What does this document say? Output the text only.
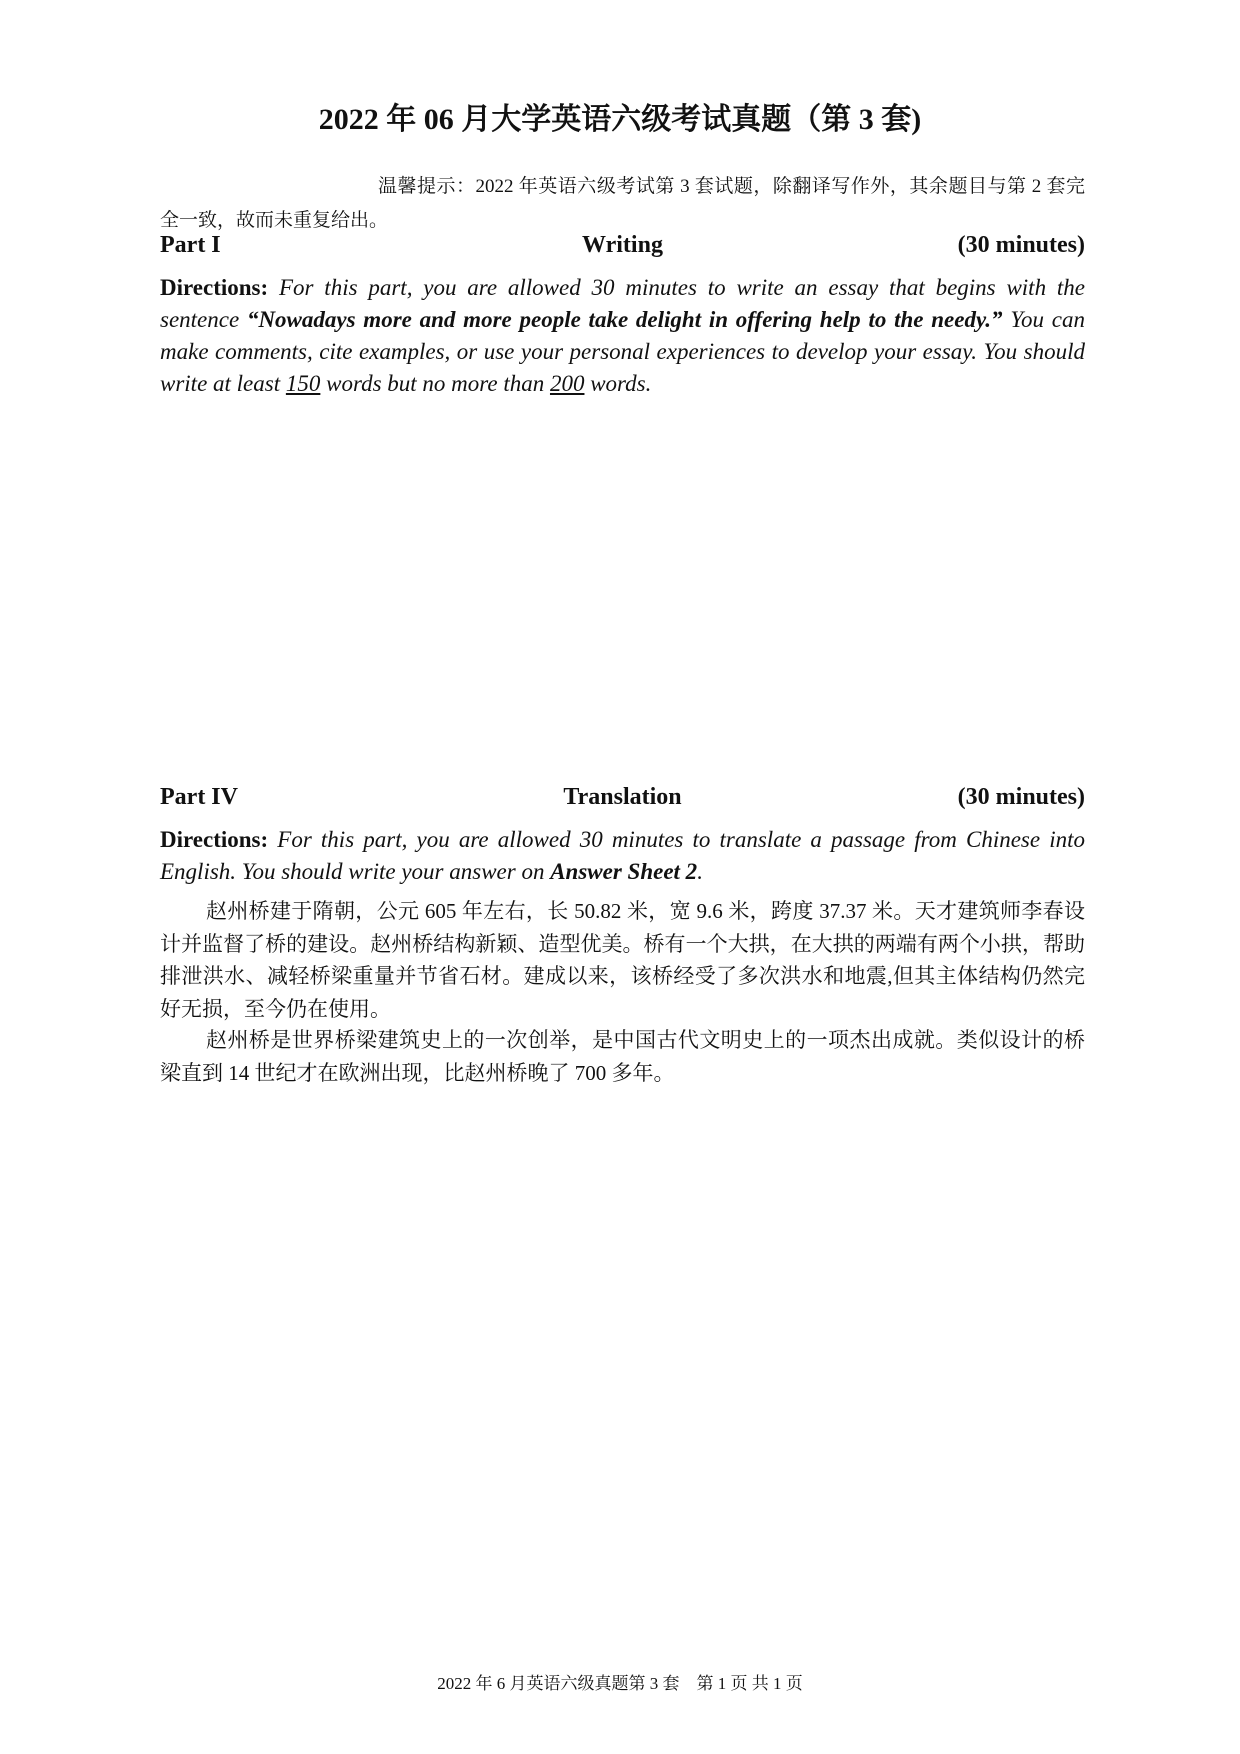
2022 年 06 月大学英语六级考试真题（第 3 套)
温馨提示：2022 年英语六级考试第 3 套试题，除翻译写作外，其余题目与第 2 套完全一致，故而未重复给出。
Part I	Writing	(30 minutes)
Directions: For this part, you are allowed 30 minutes to write an essay that begins with the sentence “Nowadays more and more people take delight in offering help to the needy.” You can make comments, cite examples, or use your personal experiences to develop your essay. You should write at least 150 words but no more than 200 words.
Part IV	Translation	(30 minutes)
Directions: For this part, you are allowed 30 minutes to translate a passage from Chinese into English. You should write your answer on Answer Sheet 2.
赵州桥建于隋朝，公元 605 年左右，长 50.82 米，宽 9.6 米，跨度 37.37 米。天才建筑师李春设计并监督了桥的建设。赵州桥结构新颖、造型优美。桥有一个大拱，在大拱的两端有两个小拱，帮助排泄洪水、减轻桥梁重量并节省石材。建成以来，该桥经受了多次洪水和地震,但其主体结构仍然完好无损，至今仍在使用。
赵州桥是世界桥梁建筑史上的一次创举，是中国古代文明史上的一项杰出成就。类似设计的桥梁直到 14 世纪才在欧洲出现，比赵州桥晚了 700 多年。
2022 年 6 月英语六级真题第 3 套　第 1 页 共 1 页
